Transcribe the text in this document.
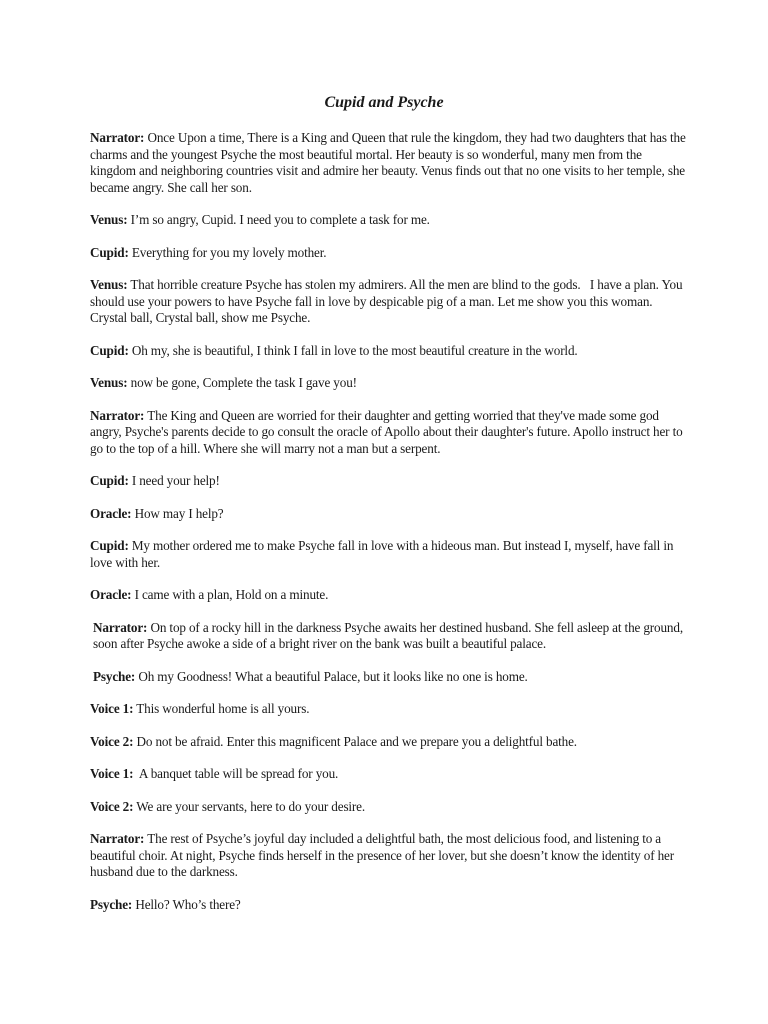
Cupid and Psyche

Narrator: Once Upon a time, There is a King and Queen that rule the kingdom, they had two daughters that has the charms and the youngest Psyche the most beautiful mortal. Her beauty is so wonderful, many men from the kingdom and neighboring countries visit and admire her beauty. Venus finds out that no one visits to her temple, she became angry. She call her son.

Venus: I’m so angry, Cupid. I need you to complete a task for me.

Cupid: Everything for you my lovely mother.

Venus: That horrible creature Psyche has stolen my admirers. All the men are blind to the gods.   I have a plan. You should use your powers to have Psyche fall in love by despicable pig of a man. Let me show you this woman. Crystal ball, Crystal ball, show me Psyche.

Cupid: Oh my, she is beautiful, I think I fall in love to the most beautiful creature in the world.

Venus: now be gone, Complete the task I gave you!

Narrator: The King and Queen are worried for their daughter and getting worried that they've made some god angry, Psyche's parents decide to go consult the oracle of Apollo about their daughter's future. Apollo instruct her to go to the top of a hill. Where she will marry not a man but a serpent.

Cupid: I need your help!

Oracle: How may I help?

Cupid: My mother ordered me to make Psyche fall in love with a hideous man. But instead I, myself, have fall in love with her.

Oracle: I came with a plan, Hold on a minute.

Narrator: On top of a rocky hill in the darkness Psyche awaits her destined husband. She fell asleep at the ground, soon after Psyche awoke a side of a bright river on the bank was built a beautiful palace.

Psyche: Oh my Goodness! What a beautiful Palace, but it looks like no one is home.

Voice 1: This wonderful home is all yours.

Voice 2: Do not be afraid. Enter this magnificent Palace and we prepare you a delightful bathe.

Voice 1:  A banquet table will be spread for you.

Voice 2: We are your servants, here to do your desire.

Narrator: The rest of Psyche’s joyful day included a delightful bath, the most delicious food, and listening to a beautiful choir. At night, Psyche finds herself in the presence of her lover, but she doesn’t know the identity of her husband due to the darkness.

Psyche: Hello? Who’s there?
